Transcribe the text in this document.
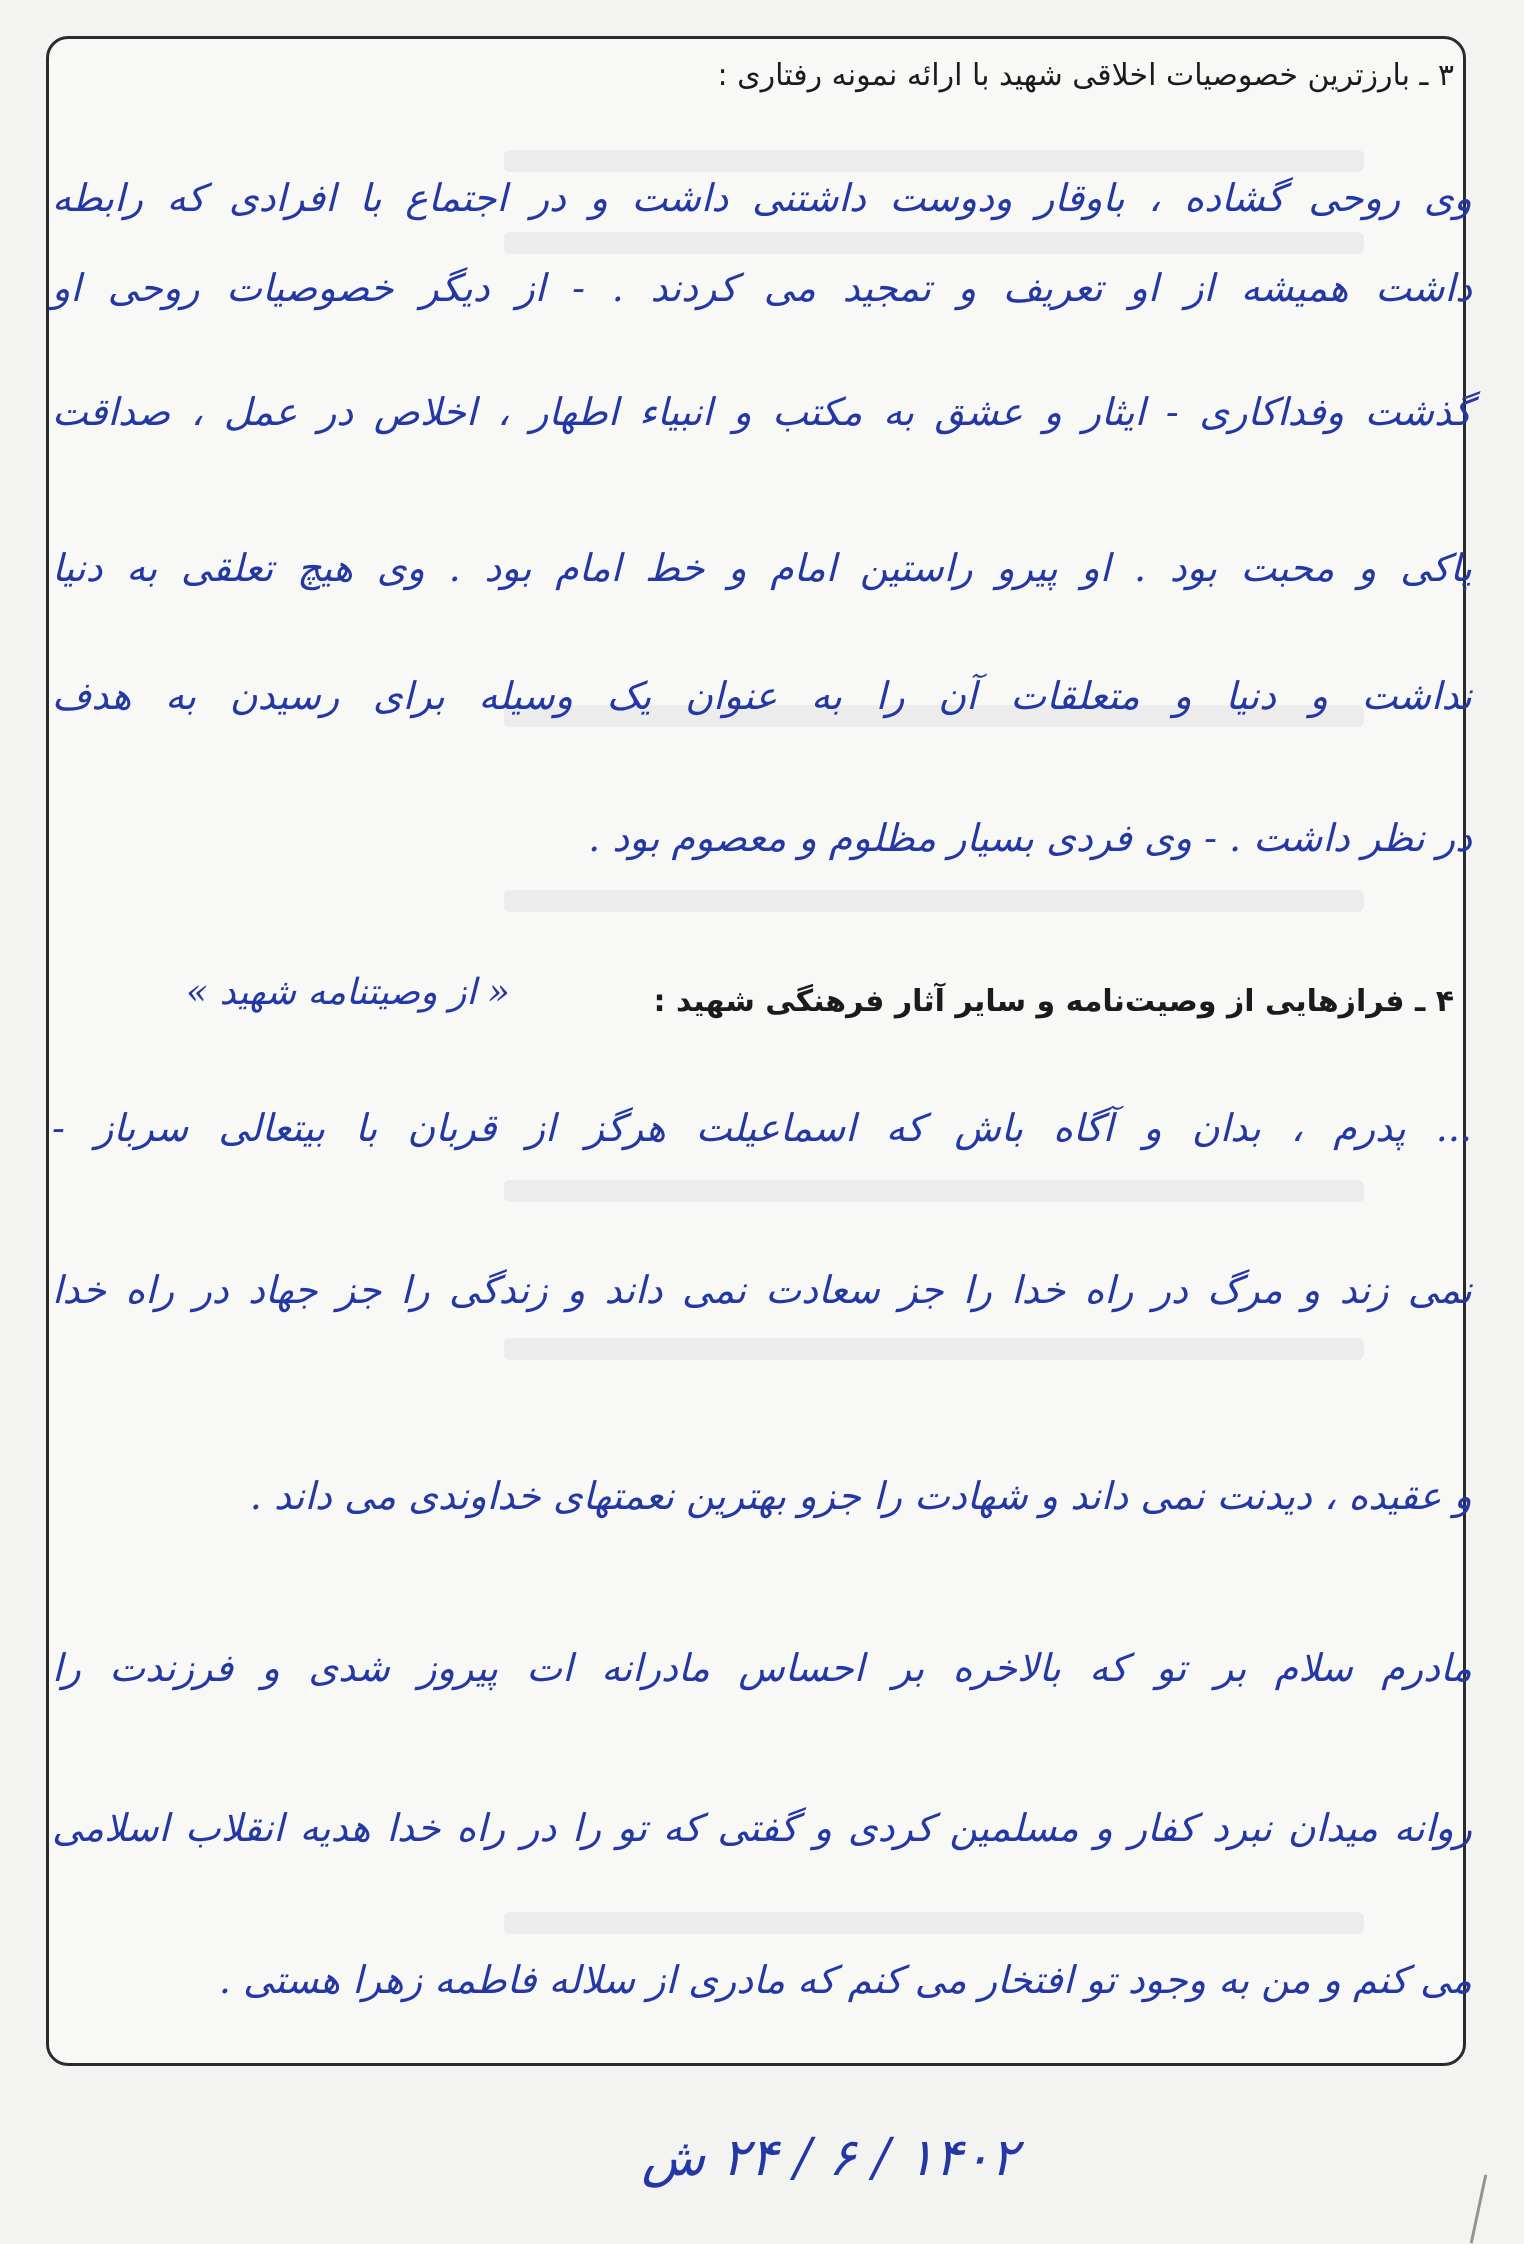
۳ ـ بارزترین خصوصیات اخلاقی شهید با ارائه نمونه رفتاری :
وی روحی گشاده ، باوقار ودوست داشتنی داشت و در اجتماع با افرادی که رابطه
داشت همیشه از او تعریف و تمجید می کردند . - از دیگر خصوصیات روحی او
گذشت وفداکاری - ایثار و عشق به مکتب و انبیاء اطهار ، اخلاص در عمل ، صداقت
پاکی و محبت بود . او پیرو راستین امام و خط امام بود . وی هیچ تعلقی به دنیا
نداشت و دنیا و متعلقات آن را به عنوان یک وسیله برای رسیدن به هدف
در نظر داشت . - وی فردی بسیار مظلوم و معصوم بود .
۴ ـ فرازهایی از وصیت‌نامه و سایر آثار فرهنگی شهید :
« از وصیتنامه شهید »
... پدرم ، بدان و آگاه باش که اسماعیلت هرگز از قربان با بیتعالی سرباز -
نمی زند و مرگ در راه خدا را جز سعادت نمی داند و زندگی را جز جهاد در راه خدا
و عقیده ، دیدنت نمی داند و شهادت را جزو بهترین نعمتهای خداوندی می داند .
مادرم سلام بر تو که بالاخره بر احساس مادرانه ات پیروز شدی و فرزندت را
روانه میدان نبرد کفار و مسلمین کردی و گفتی که تو را در راه خدا هدیه انقلاب اسلامی
می کنم و من به وجود تو افتخار می کنم که مادری از سلاله فاطمه زهرا هستی .
۱۴۰۲ / ۶ / ۲۴ ش
